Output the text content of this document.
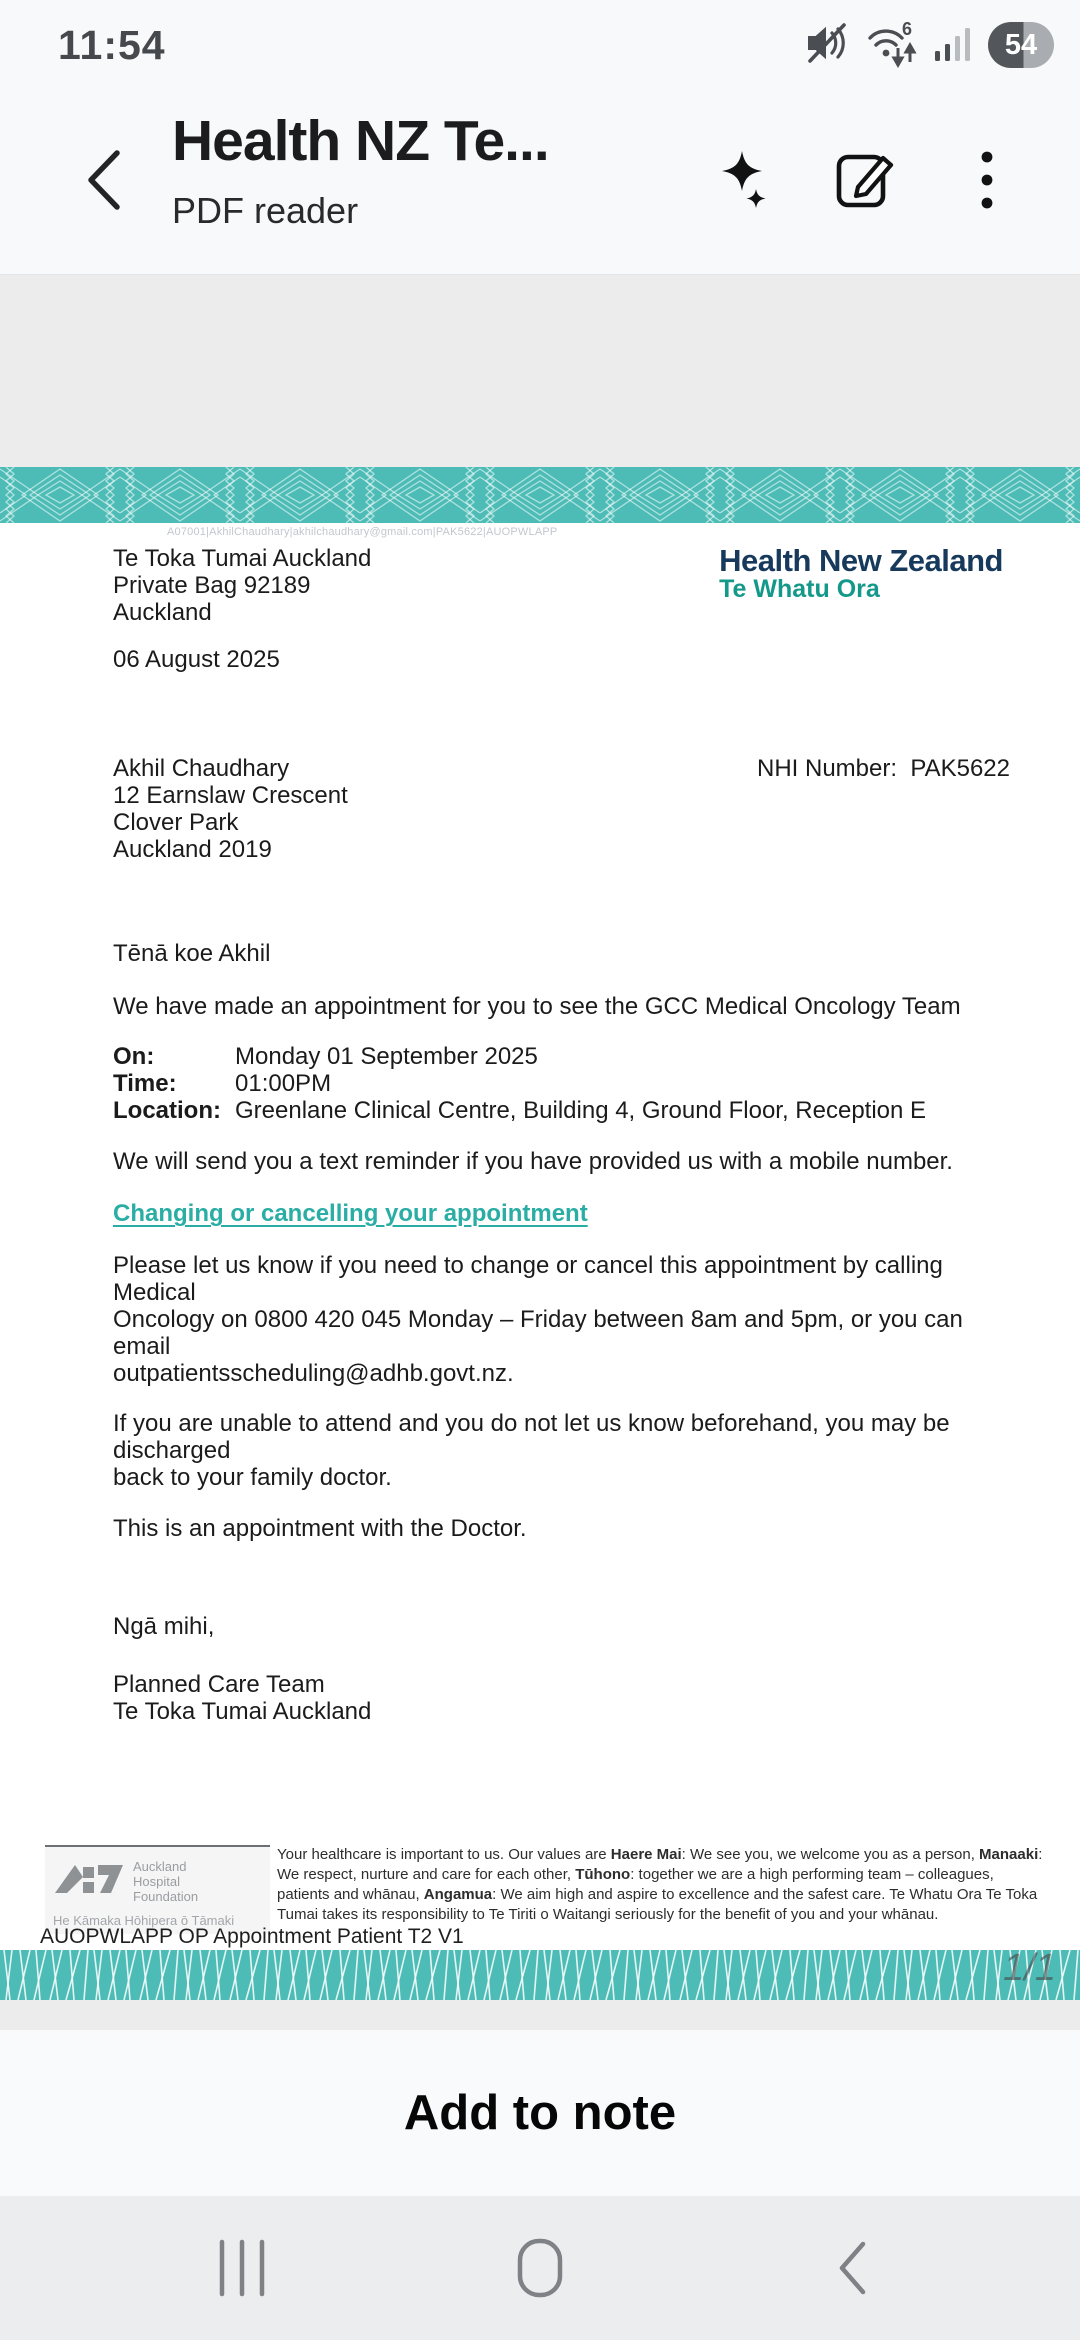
11:54	6	54
Health NZ Te...
PDF reader
A07001|AkhilChaudhary|akhilchaudhary@gmail.com|PAK5622|AUOPWLAPP
Te Toka Tumai Auckland
Private Bag 92189
Auckland
Health New Zealand
Te Whatu Ora
06 August 2025
Akhil Chaudhary
12 Earnslaw Crescent
Clover Park
Auckland 2019
NHI Number:  PAK5622
Tēnā koe Akhil
We have made an appointment for you to see the GCC Medical Oncology Team
On:	Monday 01 September 2025
Time:	01:00PM
Location: Greenlane Clinical Centre, Building 4, Ground Floor, Reception E
We will send you a text reminder if you have provided us with a mobile number.
Changing or cancelling your appointment
Please let us know if you need to change or cancel this appointment by calling Medical
Oncology on 0800 420 045 Monday – Friday between 8am and 5pm, or you can email
outpatientsscheduling@adhb.govt.nz.
If you are unable to attend and you do not let us know beforehand, you may be discharged
back to your family doctor.
This is an appointment with the Doctor.
Ngā mihi,
Planned Care Team
Te Toka Tumai Auckland
Auckland
Hospital
Foundation
He Kāmaka Hōhipera ō Tāmaki
Your healthcare is important to us. Our values are Haere Mai: We see you, we welcome you as a person, Manaaki: We respect, nurture and care for each other, Tūhono: together we are a high performing team – colleagues, patients and whānau, Angamua: We aim high and aspire to excellence and the safest care. Te Whatu Ora Te Toka Tumai takes its responsibility to Te Tiriti o Waitangi seriously for the benefit of you and your whānau.
AUOPWLAPP OP Appointment Patient T2 V1
1/1
Add to note
